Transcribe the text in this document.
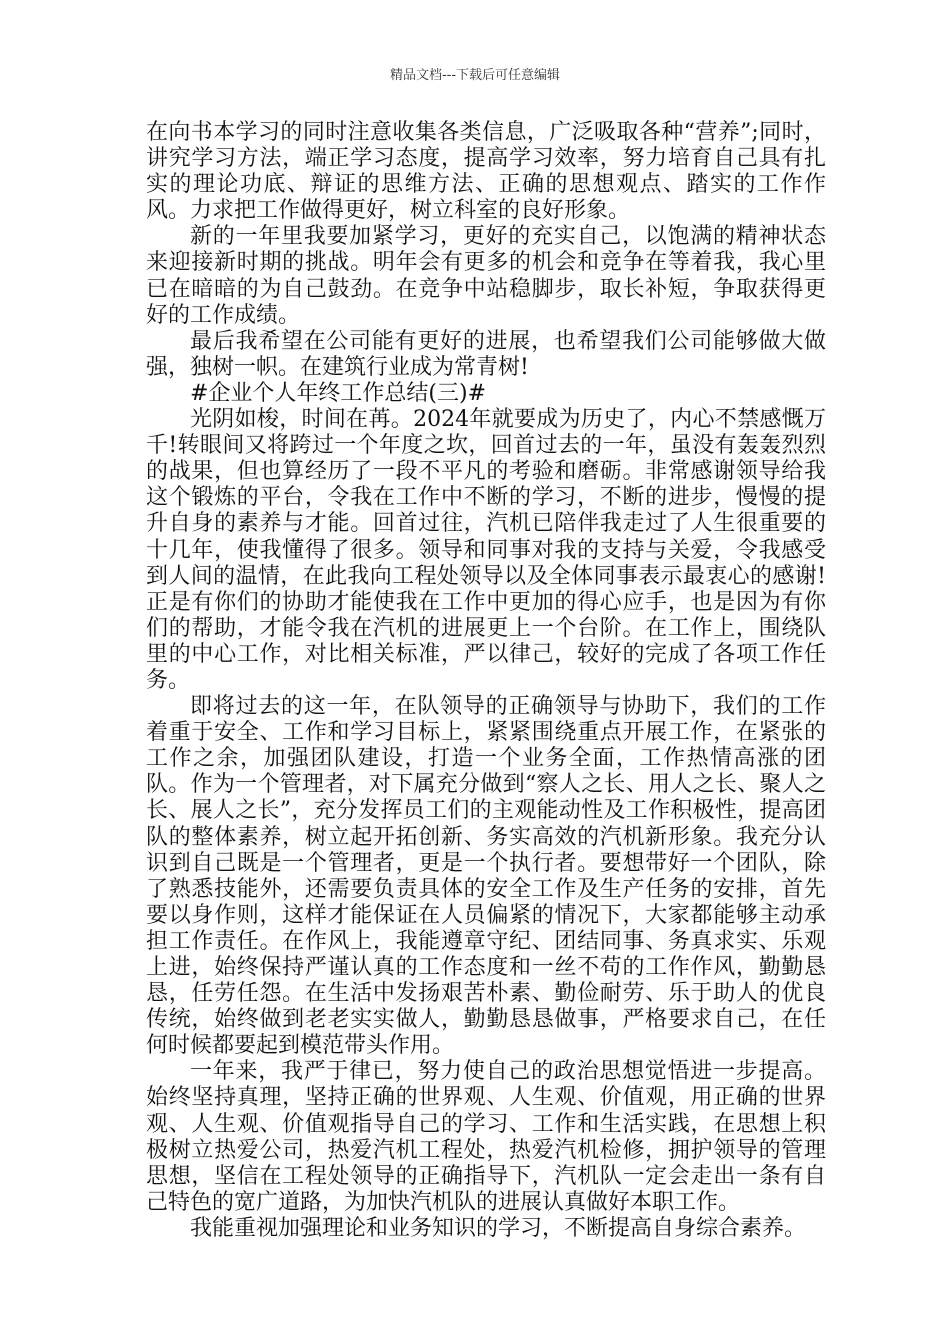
精品文档---下载后可任意编辑

在向书本学习的同时注意收集各类信息，广泛吸取各种“营养”;同时，讲究学习方法，端正学习态度，提高学习效率，努力培育自己具有扎实的理论功底、辩证的思维方法、正确的思想观点、踏实的工作作风。力求把工作做得更好，树立科室的良好形象。

新的一年里我要加紧学习，更好的充实自己，以饱满的精神状态来迎接新时期的挑战。明年会有更多的机会和竞争在等着我，我心里已在暗暗的为自己鼓劲。在竞争中站稳脚步，取长补短，争取获得更好的工作成绩。

最后我希望在公司能有更好的进展，也希望我们公司能够做大做强，独树一帜。在建筑行业成为常青树!

#企业个人年终工作总结(三)#

光阴如梭，时间在苒。2024年就要成为历史了，内心不禁感慨万千!转眼间又将跨过一个年度之坎，回首过去的一年，虽没有轰轰烈烈的战果，但也算经历了一段不平凡的考验和磨砺。非常感谢领导给我这个锻炼的平台，令我在工作中不断的学习，不断的进步，慢慢的提升自身的素养与才能。回首过往，汽机已陪伴我走过了人生很重要的十几年，使我懂得了很多。领导和同事对我的支持与关爱，令我感受到人间的温情，在此我向工程处领导以及全体同事表示最衷心的感谢!正是有你们的协助才能使我在工作中更加的得心应手，也是因为有你们的帮助，才能令我在汽机的进展更上一个台阶。在工作上，围绕队里的中心工作，对比相关标准，严以律己，较好的完成了各项工作任务。

即将过去的这一年，在队领导的正确领导与协助下，我们的工作着重于安全、工作和学习目标上，紧紧围绕重点开展工作，在紧张的工作之余，加强团队建设，打造一个业务全面，工作热情高涨的团队。作为一个管理者，对下属充分做到“察人之长、用人之长、聚人之长、展人之长”，充分发挥员工们的主观能动性及工作积极性，提高团队的整体素养，树立起开拓创新、务实高效的汽机新形象。我充分认识到自己既是一个管理者，更是一个执行者。要想带好一个团队，除了熟悉技能外，还需要负责具体的安全工作及生产任务的安排，首先要以身作则，这样才能保证在人员偏紧的情况下，大家都能够主动承担工作责任。在作风上，我能遵章守纪、团结同事、务真求实、乐观上进，始终保持严谨认真的工作态度和一丝不苟的工作作风，勤勤恳恳，任劳任怨。在生活中发扬艰苦朴素、勤俭耐劳、乐于助人的优良传统，始终做到老老实实做人，勤勤恳恳做事，严格要求自己，在任何时候都要起到模范带头作用。

一年来，我严于律已，努力使自己的政治思想觉悟进一步提高。始终坚持真理，坚持正确的世界观、人生观、价值观，用正确的世界观、人生观、价值观指导自己的学习、工作和生活实践，在思想上积极树立热爱公司，热爱汽机工程处，热爱汽机检修，拥护领导的管理思想，坚信在工程处领导的正确指导下，汽机队一定会走出一条有自己特色的宽广道路，为加快汽机队的进展认真做好本职工作。

我能重视加强理论和业务知识的学习，不断提高自身综合素养。
